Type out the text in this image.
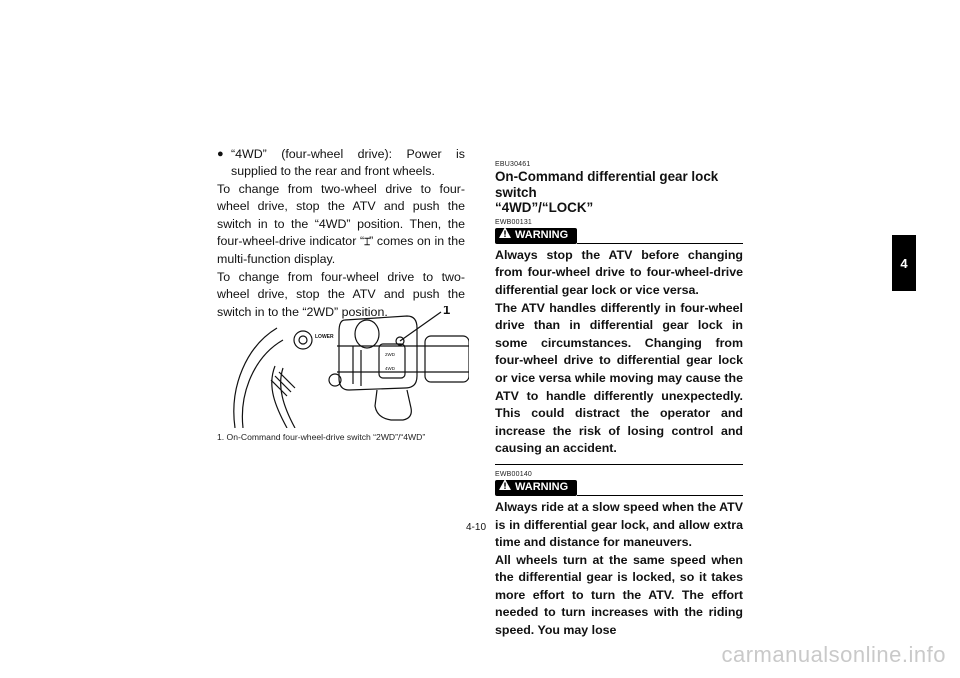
● “4WD” (four-wheel drive): Power is supplied to the rear and front wheels.

To change from two-wheel drive to four-wheel drive, stop the ATV and push the switch in to the “4WD” position. Then, the four-wheel-drive indicator “⌶” comes on in the multi-function display.

To change from four-wheel drive to two-wheel drive, stop the ATV and push the switch in to the “2WD” position.

LOWER
2WD
4WD
1
1. On-Command four-wheel-drive switch “2WD”/“4WD”
EBU30461

On-Command differential gear lock switch

“4WD”/“LOCK”

EWB00131
WARNING

Always stop the ATV before changing from four-wheel drive to four-wheel-drive differential gear lock or vice versa.

The ATV handles differently in four-wheel drive than in differential gear lock in some circumstances. Changing from four-wheel drive to differential gear lock or vice versa while moving may cause the ATV to handle differently unexpectedly. This could distract the operator and increase the risk of losing control and causing an accident.

EWB00140
WARNING

Always ride at a slow speed when the ATV is in differential gear lock, and allow extra time and distance for maneuvers.

All wheels turn at the same speed when the differential gear is locked, so it takes more effort to turn the ATV. The effort needed to turn increases with the riding speed. You may lose

4
4-10
carmanualsonline.info
